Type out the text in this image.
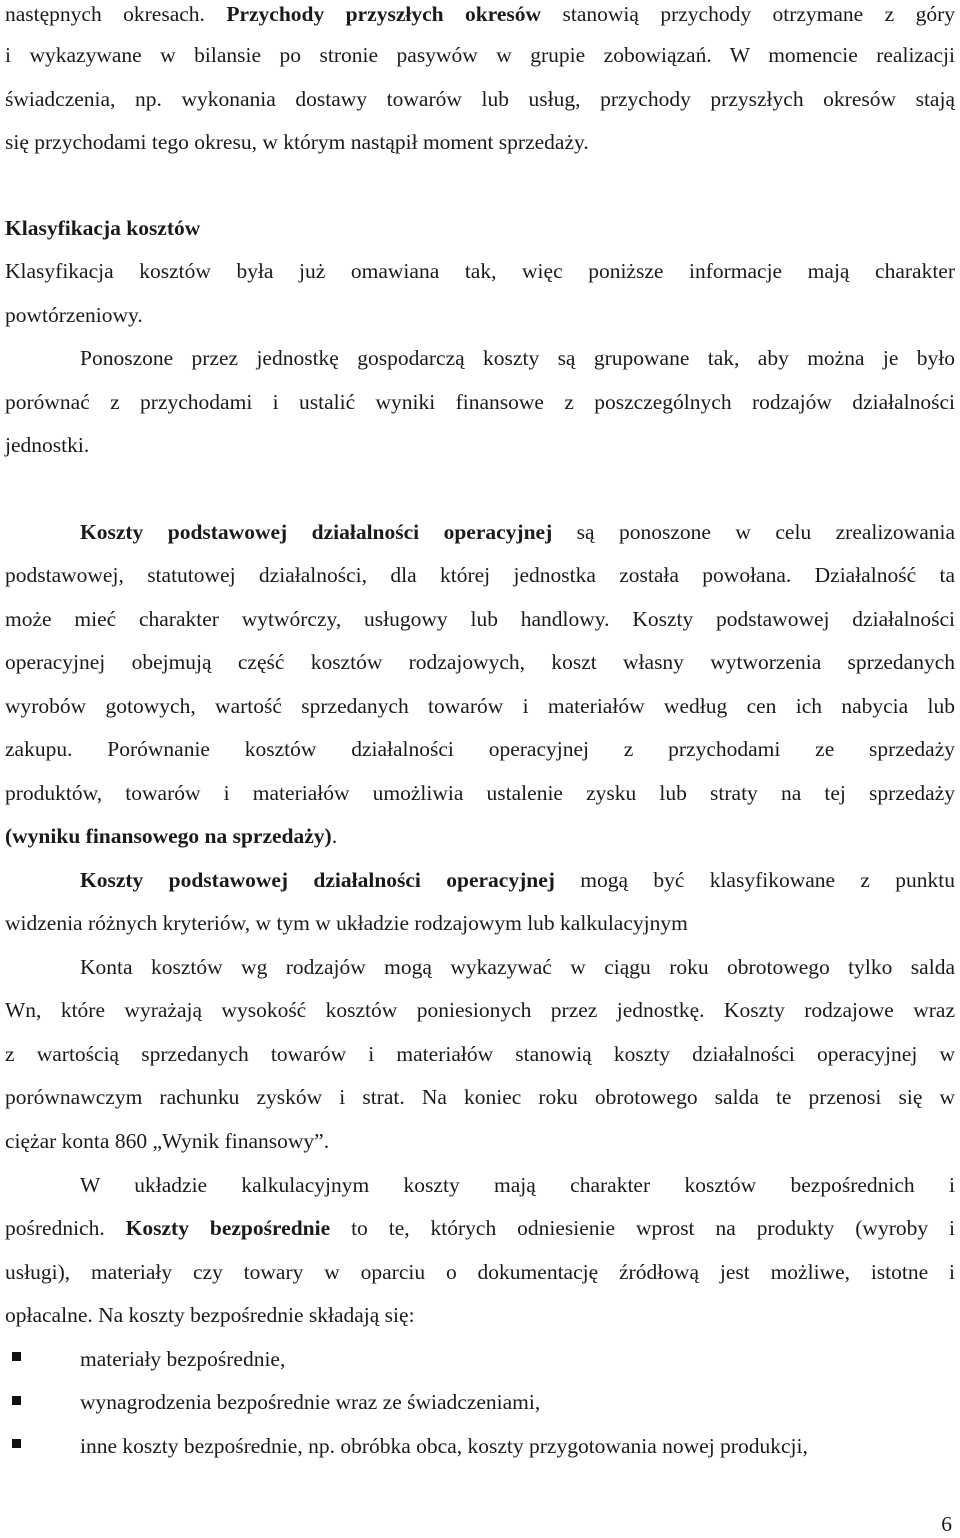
następnych okresach. Przychody przyszłych okresów stanowią przychody otrzymane z góry
i wykazywane w bilansie po stronie pasywów w grupie zobowiązań. W momencie realizacji
świadczenia, np. wykonania dostawy towarów lub usług, przychody przyszłych okresów stają
się przychodami tego okresu, w którym nastąpił moment sprzedaży.
Klasyfikacja kosztów
Klasyfikacja kosztów była już omawiana tak, więc poniższe informacje mają charakter
powtórzeniowy.
Ponoszone przez jednostkę gospodarczą koszty są grupowane tak, aby można je było
porównać z przychodami i ustalić wyniki finansowe z poszczególnych rodzajów działalności
jednostki.
Koszty podstawowej działalności operacyjnej są ponoszone w celu zrealizowania
podstawowej, statutowej działalności, dla której jednostka została powołana. Działalność ta
może mieć charakter wytwórczy, usługowy lub handlowy. Koszty podstawowej działalności
operacyjnej obejmują część kosztów rodzajowych, koszt własny wytworzenia sprzedanych
wyrobów gotowych, wartość sprzedanych towarów i materiałów według cen ich nabycia lub
zakupu. Porównanie kosztów działalności operacyjnej z przychodami ze sprzedaży
produktów, towarów i materiałów umożliwia ustalenie zysku lub straty na tej sprzedaży
(wyniku finansowego na sprzedaży).
Koszty podstawowej działalności operacyjnej mogą być klasyfikowane z punktu
widzenia różnych kryteriów, w tym w układzie rodzajowym lub kalkulacyjnym
Konta kosztów wg rodzajów mogą wykazywać w ciągu roku obrotowego tylko salda
Wn, które wyrażają wysokość kosztów poniesionych przez jednostkę. Koszty rodzajowe wraz
z wartością sprzedanych towarów i materiałów stanowią koszty działalności operacyjnej w
porównawczym rachunku zysków i strat. Na koniec roku obrotowego salda te przenosi się w
ciężar konta 860 „Wynik finansowy”.
W układzie kalkulacyjnym koszty mają charakter kosztów bezpośrednich i
pośrednich. Koszty bezpośrednie to te, których odniesienie wprost na produkty (wyroby i
usługi), materiały czy towary w oparciu o dokumentację źródłową jest możliwe, istotne i
opłacalne. Na koszty bezpośrednie składają się:
materiały bezpośrednie,
wynagrodzenia bezpośrednie wraz ze świadczeniami,
inne koszty bezpośrednie, np. obróbka obca, koszty przygotowania nowej produkcji,
6
